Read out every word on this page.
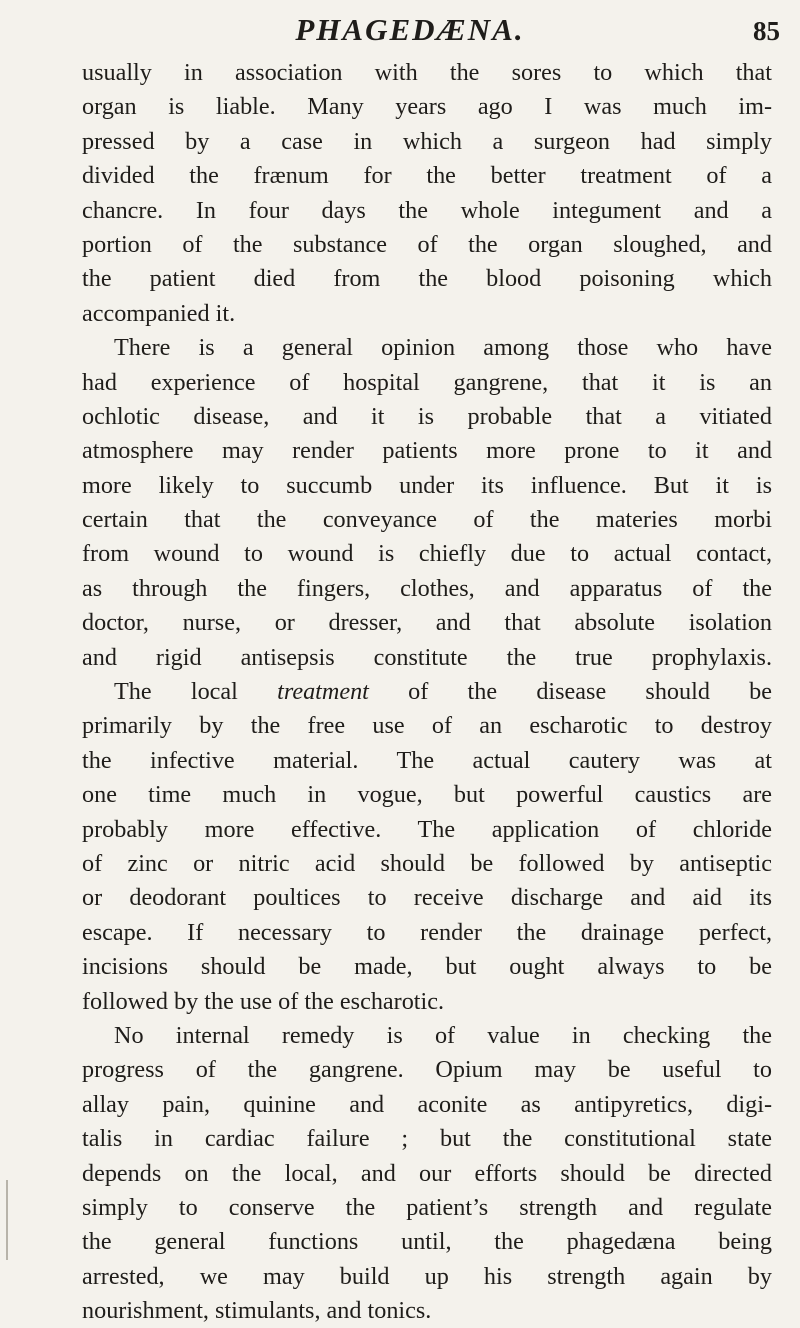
PHAGEDÆNA.	85
usually in association with the sores to which that
organ is liable. Many years ago I was much im-
pressed by a case in which a surgeon had simply
divided the frænum for the better treatment of a
chancre. In four days the whole integument and a
portion of the substance of the organ sloughed, and
the patient died from the blood poisoning which
accompanied it.
There is a general opinion among those who have
had experience of hospital gangrene, that it is an
ochlotic disease, and it is probable that a vitiated
atmosphere may render patients more prone to it and
more likely to succumb under its influence. But it is
certain that the conveyance of the materies morbi
from wound to wound is chiefly due to actual contact,
as through the fingers, clothes, and apparatus of the
doctor, nurse, or dresser, and that absolute isolation
and rigid antisepsis constitute the true prophylaxis.
The local treatment of the disease should be
primarily by the free use of an escharotic to destroy
the infective material. The actual cautery was at
one time much in vogue, but powerful caustics are
probably more effective. The application of chloride
of zinc or nitric acid should be followed by antiseptic
or deodorant poultices to receive discharge and aid its
escape. If necessary to render the drainage perfect,
incisions should be made, but ought always to be
followed by the use of the escharotic.
No internal remedy is of value in checking the
progress of the gangrene. Opium may be useful to
allay pain, quinine and aconite as antipyretics, digi-
talis in cardiac failure ; but the constitutional state
depends on the local, and our efforts should be directed
simply to conserve the patient’s strength and regulate
the general functions until, the phagedæna being
arrested, we may build up his strength again by
nourishment, stimulants, and tonics.
